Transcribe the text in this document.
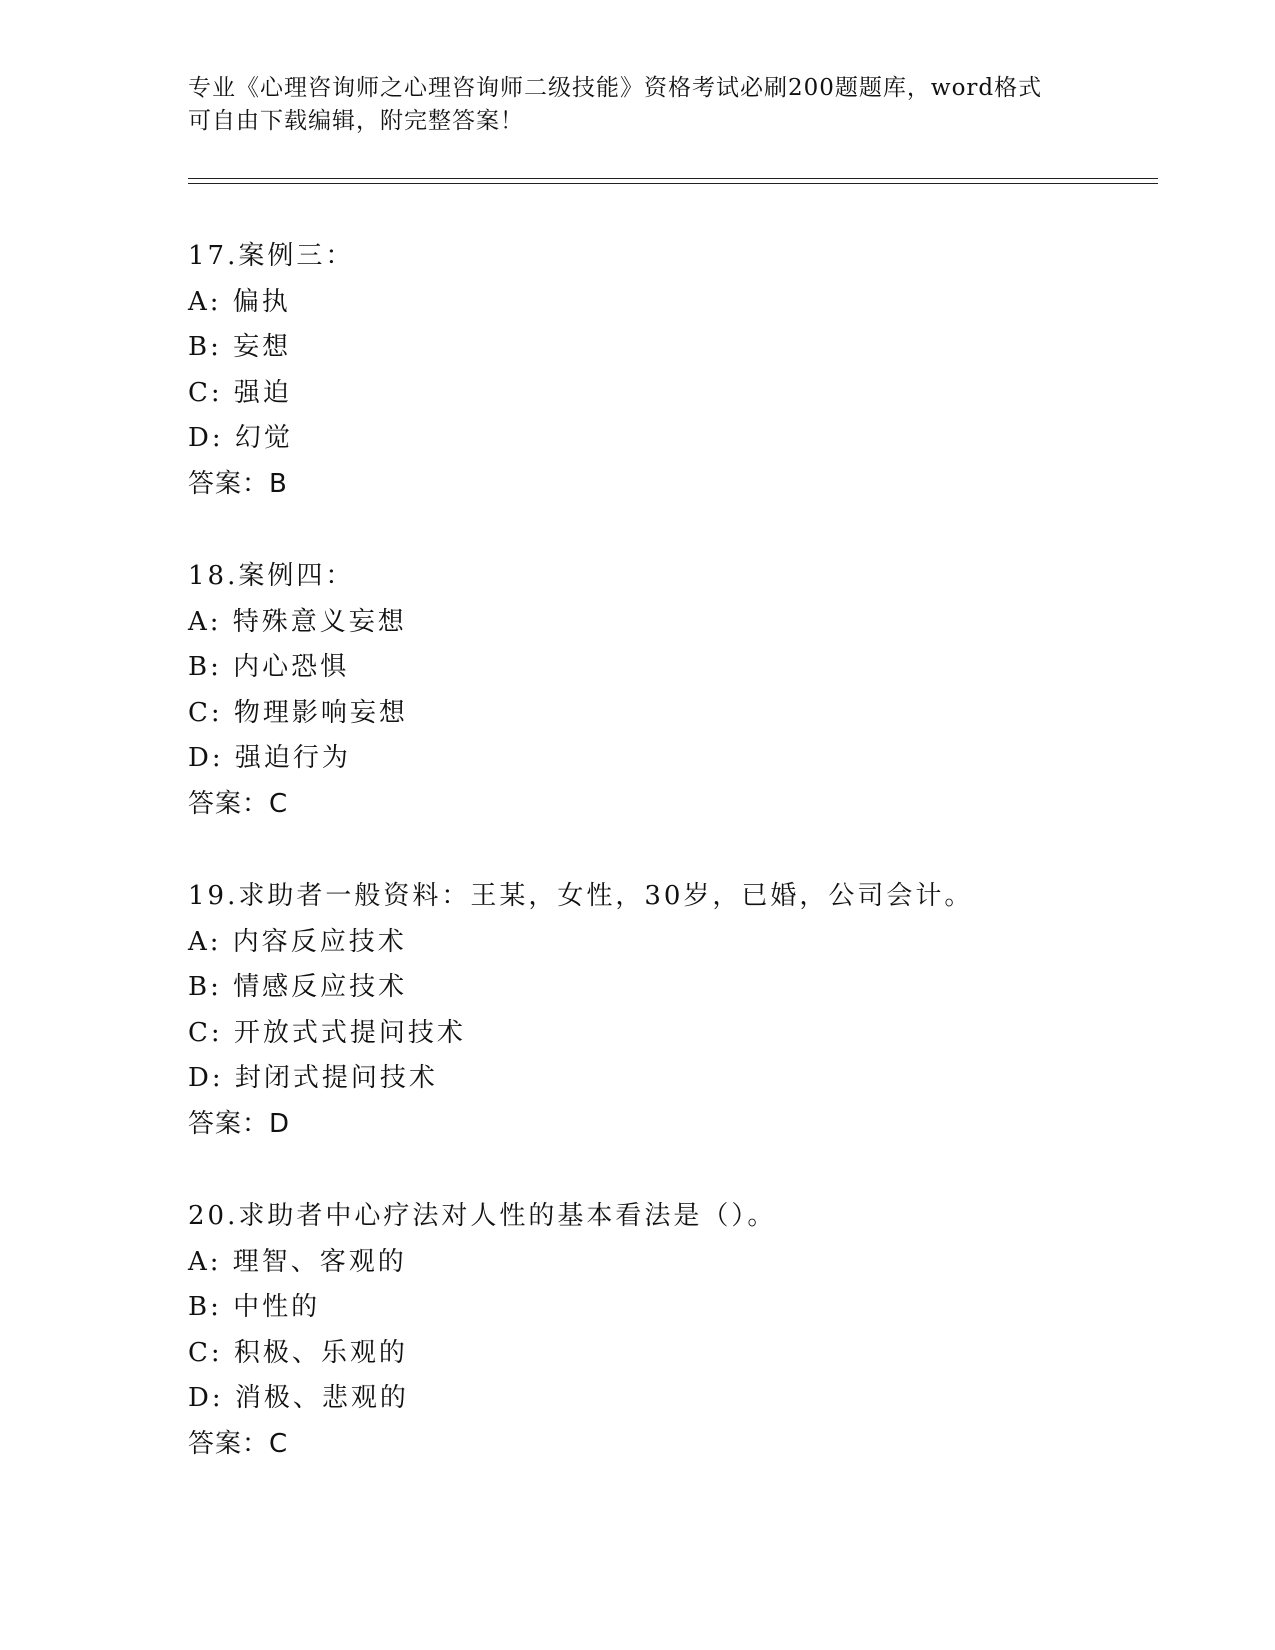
专业《心理咨询师之心理咨询师二级技能》资格考试必刷200题题库，word格式
可自由下载编辑，附完整答案！
17.案例三：
A: 偏执
B: 妄想
C: 强迫
D: 幻觉
答案：B
18.案例四：
A: 特殊意义妄想
B: 内心恐惧
C: 物理影响妄想
D: 强迫行为
答案：C
19.求助者一般资料：王某，女性，30岁，已婚，公司会计。
A: 内容反应技术
B: 情感反应技术
C: 开放式式提问技术
D: 封闭式提问技术
答案：D
20.求助者中心疗法对人性的基本看法是（）。
A: 理智、客观的
B: 中性的
C: 积极、乐观的
D: 消极、悲观的
答案：C
